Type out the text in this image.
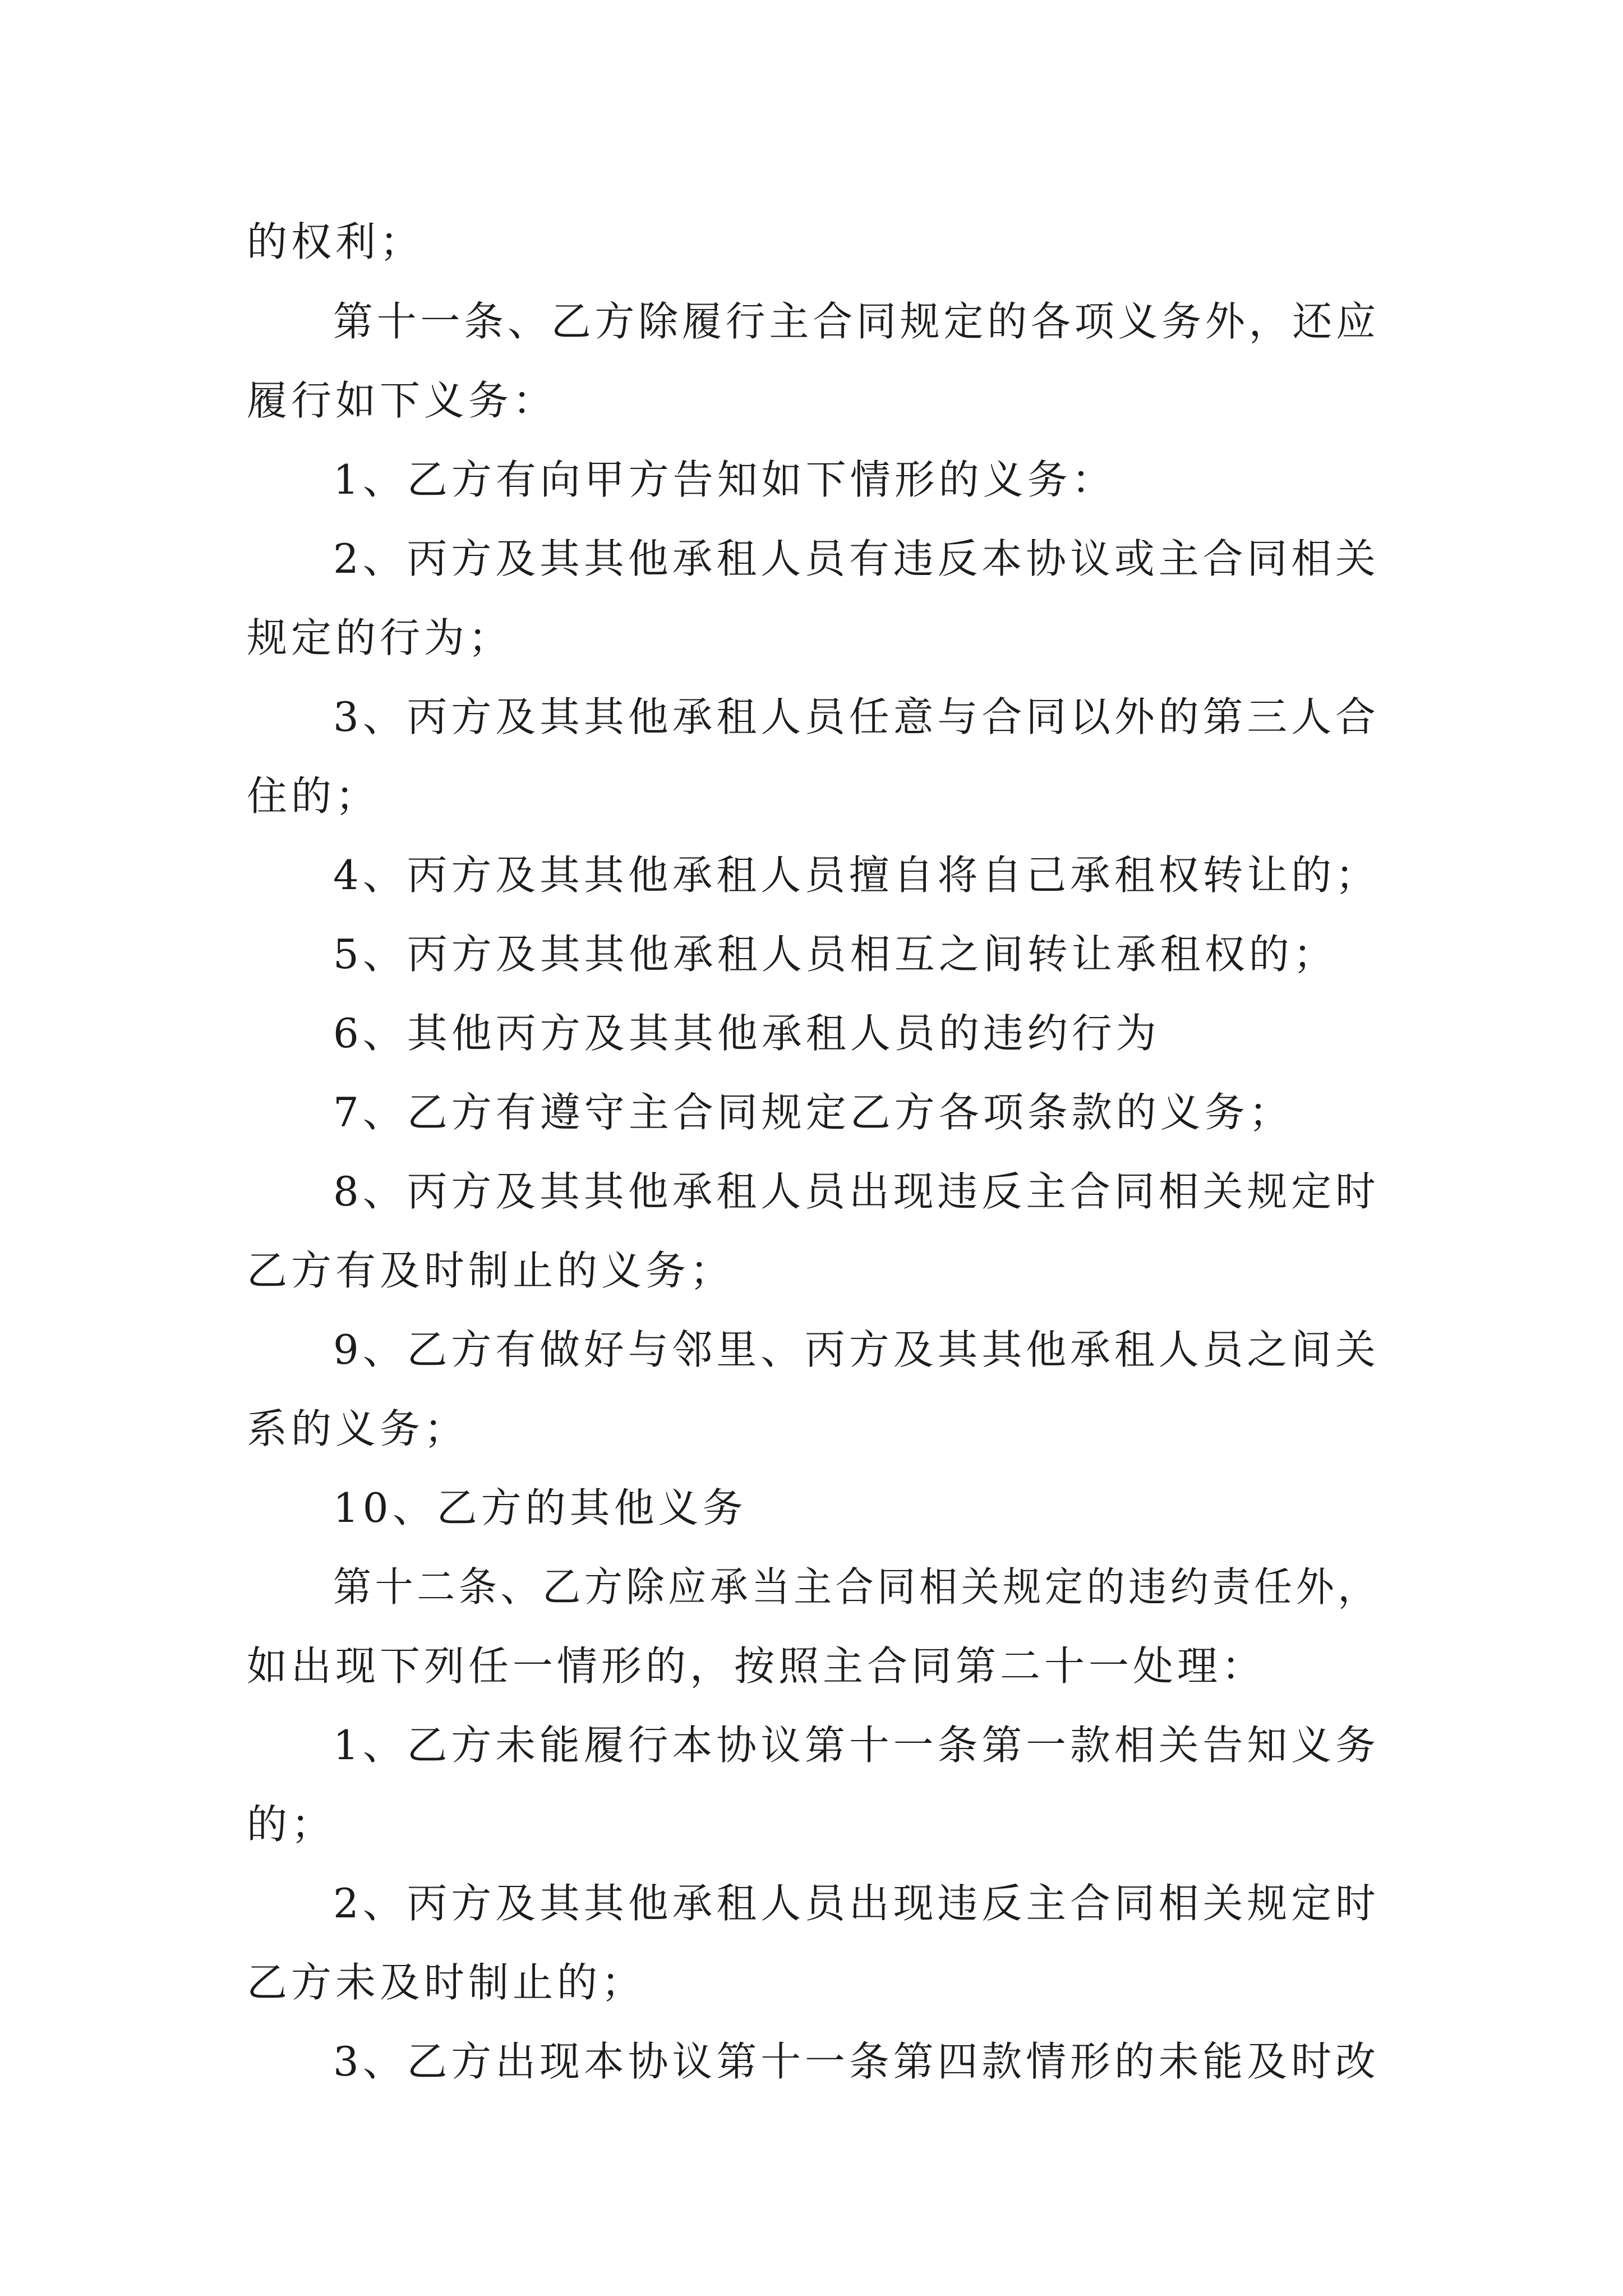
的权利；
第十一条、乙方除履行主合同规定的各项义务外，还应
履行如下义务：
1、乙方有向甲方告知如下情形的义务：
2、丙方及其其他承租人员有违反本协议或主合同相关
规定的行为；
3、丙方及其其他承租人员任意与合同以外的第三人合
住的；
4、丙方及其其他承租人员擅自将自己承租权转让的；
5、丙方及其其他承租人员相互之间转让承租权的；
6、其他丙方及其其他承租人员的违约行为
7、乙方有遵守主合同规定乙方各项条款的义务；
8、丙方及其其他承租人员出现违反主合同相关规定时
乙方有及时制止的义务；
9、乙方有做好与邻里、丙方及其其他承租人员之间关
系的义务；
10、乙方的其他义务
第十二条、乙方除应承当主合同相关规定的违约责任外，
如出现下列任一情形的，按照主合同第二十一处理：
1、乙方未能履行本协议第十一条第一款相关告知义务
的；
2、丙方及其其他承租人员出现违反主合同相关规定时
乙方未及时制止的；
3、乙方出现本协议第十一条第四款情形的未能及时改
